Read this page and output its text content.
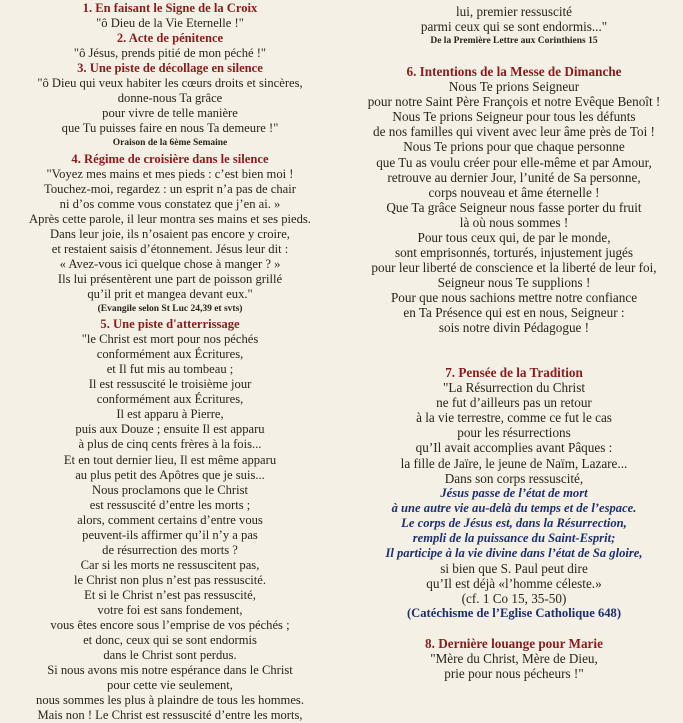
1. En faisant le Signe de la Croix
"ô Dieu de la Vie Eternelle !"
2. Acte de pénitence
"ô Jésus, prends pitié de mon péché !"
3. Une piste de décollage en silence
"ô Dieu qui veux habiter les cœurs droits et sincères,
donne-nous Ta grâce
pour vivre de telle manière
que Tu puisses faire en nous Ta demeure !"
Oraison de la 6ème Semaine
4. Régime de croisière dans le silence
"Voyez mes mains et mes pieds : c’est bien moi !
Touchez-moi, regardez : un esprit n’a pas de chair
ni d’os comme vous constatez que j’en ai. »
Après cette parole, il leur montra ses mains et ses pieds.
Dans leur joie, ils n’osaient pas encore y croire,
et restaient saisis d’étonnement. Jésus leur dit :
« Avez-vous ici quelque chose à manger ? »
Ils lui présentèrent une part de poisson grillé
qu’il prit et mangea devant eux."
(Evangile selon St Luc 24,39 et svts)
5. Une piste d'atterrissage
"le Christ est mort pour nos péchés
conformément aux Écritures,
et Il fut mis au tombeau ;
Il est ressuscité le troisième jour
conformément aux Écritures,
Il est apparu à Pierre,
puis aux Douze ; ensuite Il est apparu
à plus de cinq cents frères à la fois...
Et en tout dernier lieu, Il est même apparu
au plus petit des Apôtres que je suis...
Nous proclamons que le Christ
est ressuscité d’entre les morts ;
alors, comment certains d’entre vous
peuvent-ils affirmer qu’il n’y a pas
de résurrection des morts ?
Car si les morts ne ressuscitent pas,
le Christ non plus n’est pas ressuscité.
Et si le Christ n’est pas ressuscité,
votre foi est sans fondement,
vous êtes encore sous l’emprise de vos péchés ;
et donc, ceux qui se sont endormis
dans le Christ sont perdus.
Si nous avons mis notre espérance dans le Christ
pour cette vie seulement,
nous sommes les plus à plaindre de tous les hommes.
Mais non ! Le Christ est ressuscité d’entre les morts,
lui, premier ressuscité
parmi ceux qui se sont endormis..."
De la Première Lettre aux Corinthiens 15
6. Intentions de la Messe de Dimanche
Nous Te prions Seigneur
pour notre Saint Père François et notre Evêque Benoît !
Nous Te prions Seigneur pour tous les défunts
de nos familles qui vivent avec leur âme près de Toi !
Nous Te prions pour que chaque personne
que Tu as voulu créer pour elle-même et par Amour,
retrouve au dernier Jour, l’unité de Sa personne,
corps nouveau et âme éternelle !
Que Ta grâce Seigneur nous fasse porter du fruit
là où nous sommes !
Pour tous ceux qui, de par le monde,
sont emprisonnés, torturés, injustement jugés
pour leur liberté de conscience et la liberté de leur foi,
Seigneur nous Te supplions !
Pour que nous sachions mettre notre confiance
en Ta Présence qui est en nous, Seigneur :
sois notre divin Pédagogue !
7. Pensée de la Tradition
"La Résurrection du Christ
ne fut d’ailleurs pas un retour
à la vie terrestre, comme ce fut le cas
pour les résurrections
qu’Il avait accomplies avant Pâques :
la fille de Jaïre, le jeune de Naïm, Lazare...
Dans son corps ressuscité,
Jésus passe de l’état de mort
à une autre vie au-delà du temps et de l’espace.
Le corps de Jésus est, dans la Résurrection,
rempli de la puissance du Saint-Esprit;
Il participe à la vie divine dans l’état de Sa gloire,
si bien que S. Paul peut dire
qu’Il est déjà «l’homme céleste.»
(cf. 1 Co 15, 35-50)
(Catéchisme de l’Eglise Catholique 648)
8. Dernière louange pour Marie
"Mère du Christ, Mère de Dieu,
prie pour nous pécheurs !"
